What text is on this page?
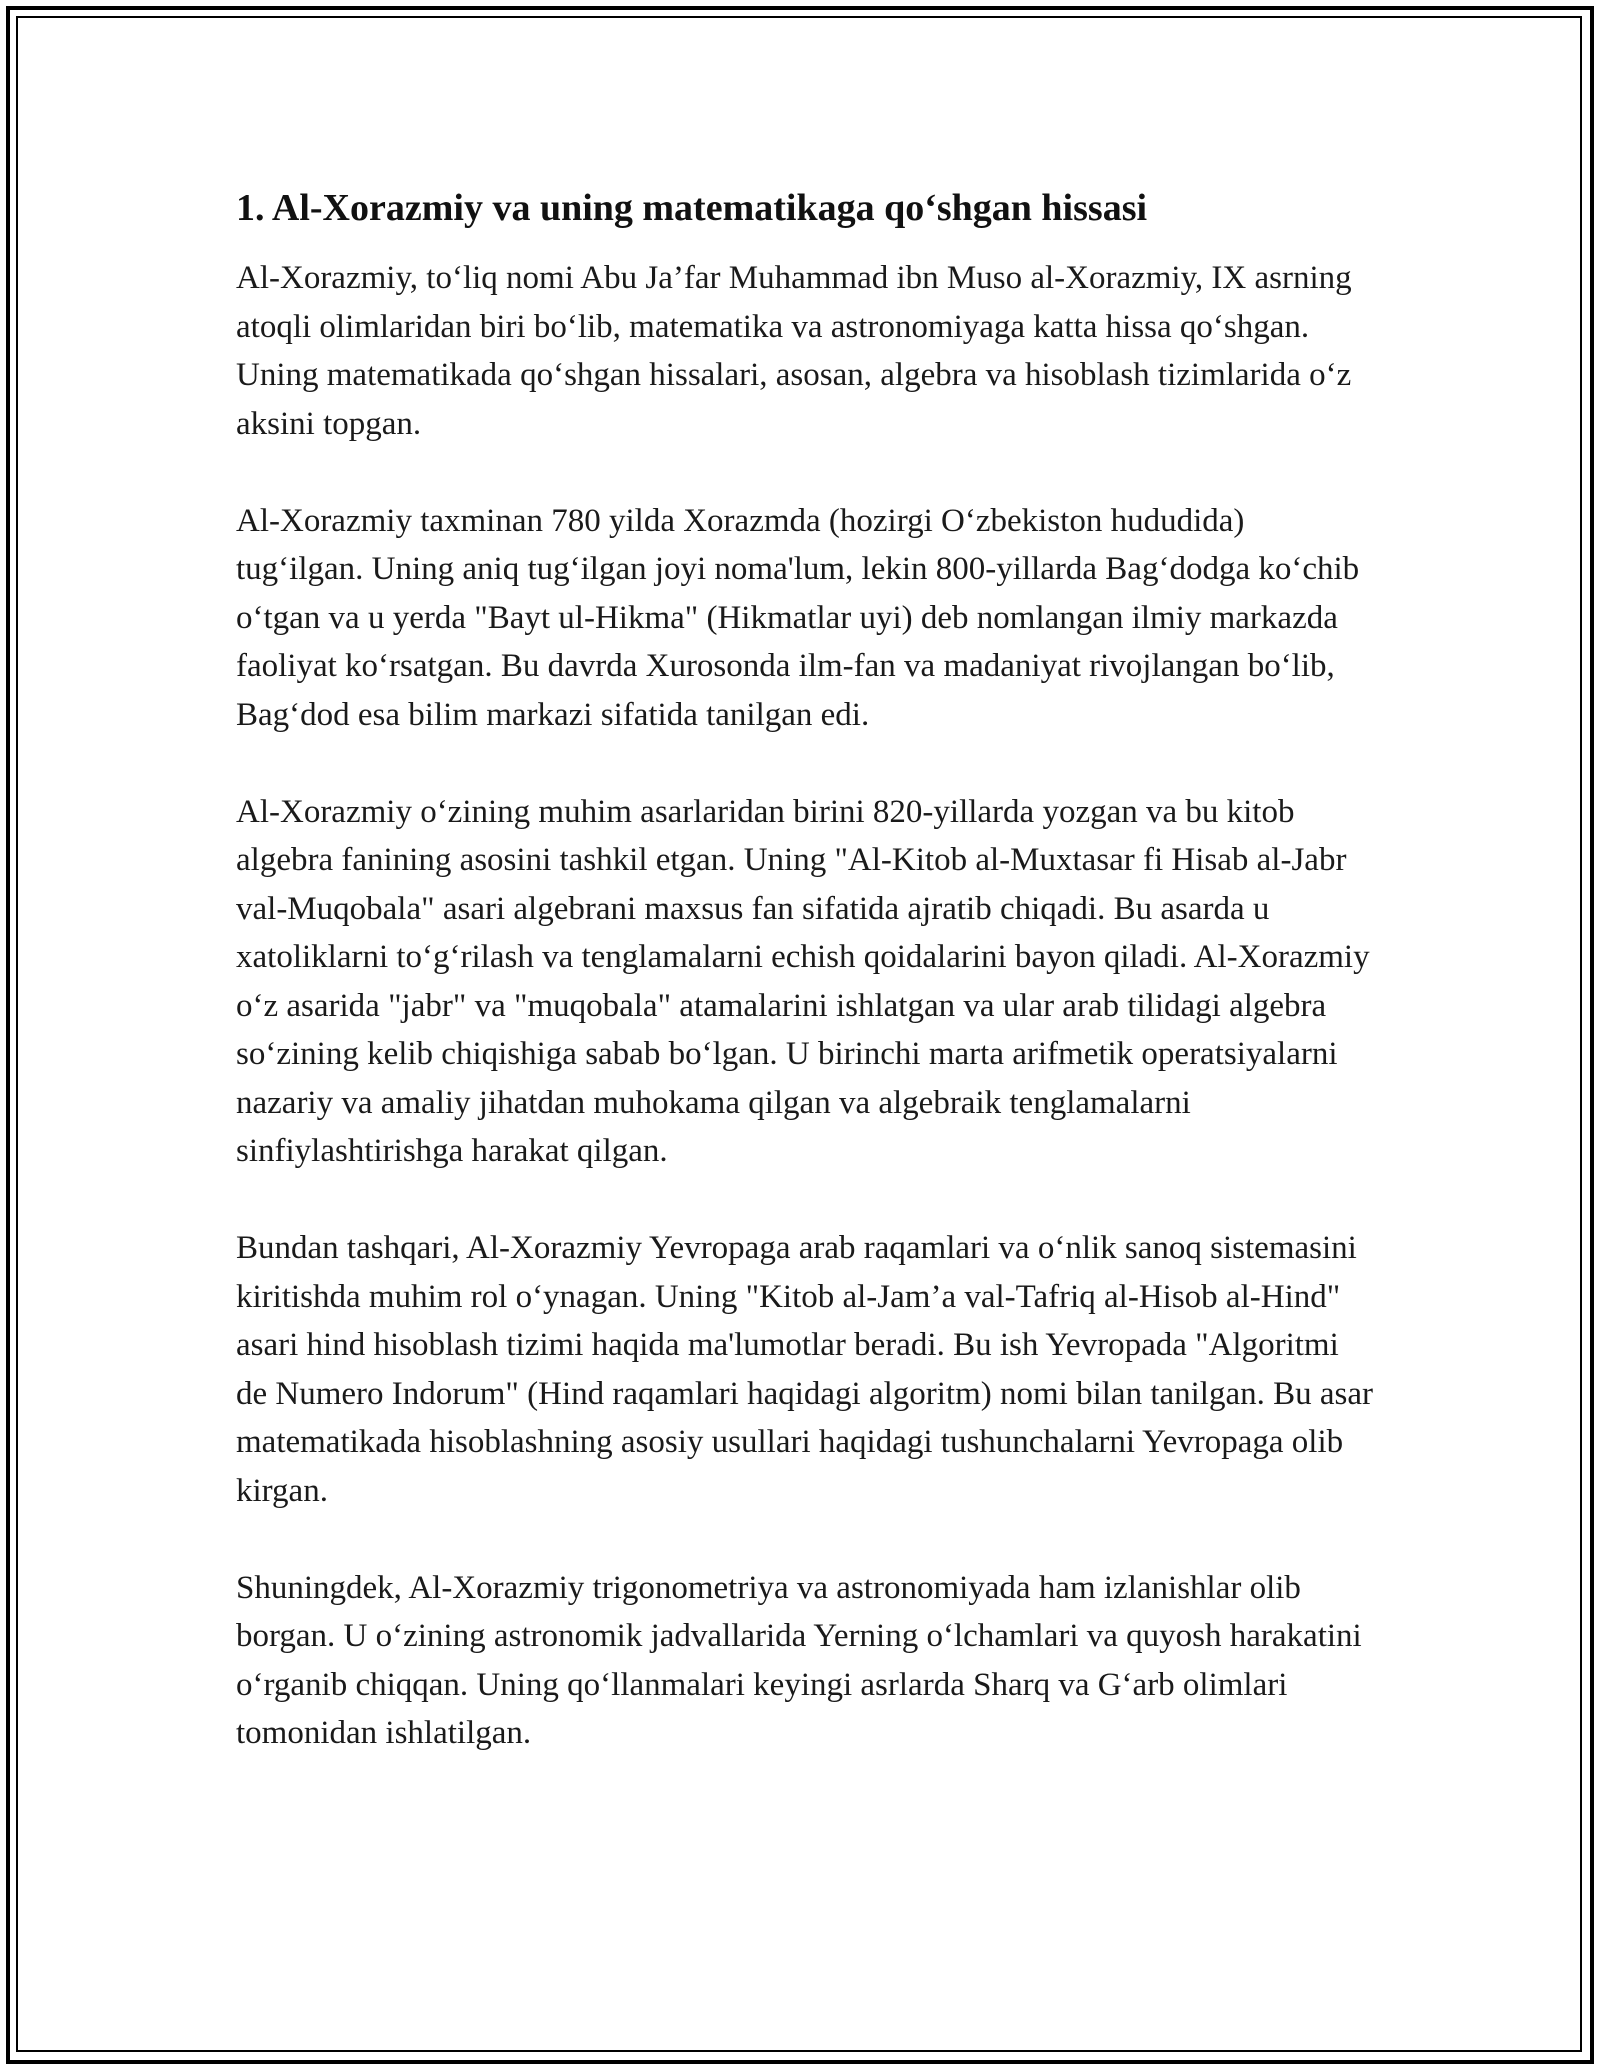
1. Al-Xorazmiy va uning matematikaga qo‘shgan hissasi

Al-Xorazmiy, to‘liq nomi Abu Ja’far Muhammad ibn Muso al-Xorazmiy, IX asrning atoqli olimlaridan biri bo‘lib, matematika va astronomiyaga katta hissa qo‘shgan. Uning matematikada qo‘shgan hissalari, asosan, algebra va hisoblash tizimlarida o‘z aksini topgan.

Al-Xorazmiy taxminan 780 yilda Xorazmda (hozirgi O‘zbekiston hududida) tug‘ilgan. Uning aniq tug‘ilgan joyi noma'lum, lekin 800-yillarda Bag‘dodga ko‘chib o‘tgan va u yerda "Bayt ul-Hikma" (Hikmatlar uyi) deb nomlangan ilmiy markazda faoliyat ko‘rsatgan. Bu davrda Xurosonda ilm-fan va madaniyat rivojlangan bo‘lib, Bag‘dod esa bilim markazi sifatida tanilgan edi.

Al-Xorazmiy o‘zining muhim asarlaridan birini 820-yillarda yozgan va bu kitob algebra fanining asosini tashkil etgan. Uning "Al-Kitob al-Muxtasar fi Hisab al-Jabr val-Muqobala" asari algebrani maxsus fan sifatida ajratib chiqadi. Bu asarda u xatoliklarni to‘g‘rilash va tenglamalarni echish qoidalarini bayon qiladi. Al-Xorazmiy o‘z asarida "jabr" va "muqobala" atamalarini ishlatgan va ular arab tilidagi algebra so‘zining kelib chiqishiga sabab bo‘lgan. U birinchi marta arifmetik operatsiyalarni nazariy va amaliy jihatdan muhokama qilgan va algebraik tenglamalarni sinfiylashtirishga harakat qilgan.

Bundan tashqari, Al-Xorazmiy Yevropaga arab raqamlari va o‘nlik sanoq sistemasini kiritishda muhim rol o‘ynagan. Uning "Kitob al-Jam’a val-Tafriq al-Hisob al-Hind" asari hind hisoblash tizimi haqida ma'lumotlar beradi. Bu ish Yevropada "Algoritmi de Numero Indorum" (Hind raqamlari haqidagi algoritm) nomi bilan tanilgan. Bu asar matematikada hisoblashning asosiy usullari haqidagi tushunchalarni Yevropaga olib kirgan.

Shuningdek, Al-Xorazmiy trigonometriya va astronomiyada ham izlanishlar olib borgan. U o‘zining astronomik jadvallarida Yerning o‘lchamlari va quyosh harakatini o‘rganib chiqqan. Uning qo‘llanmalari keyingi asrlarda Sharq va G‘arb olimlari tomonidan ishlatilgan.
